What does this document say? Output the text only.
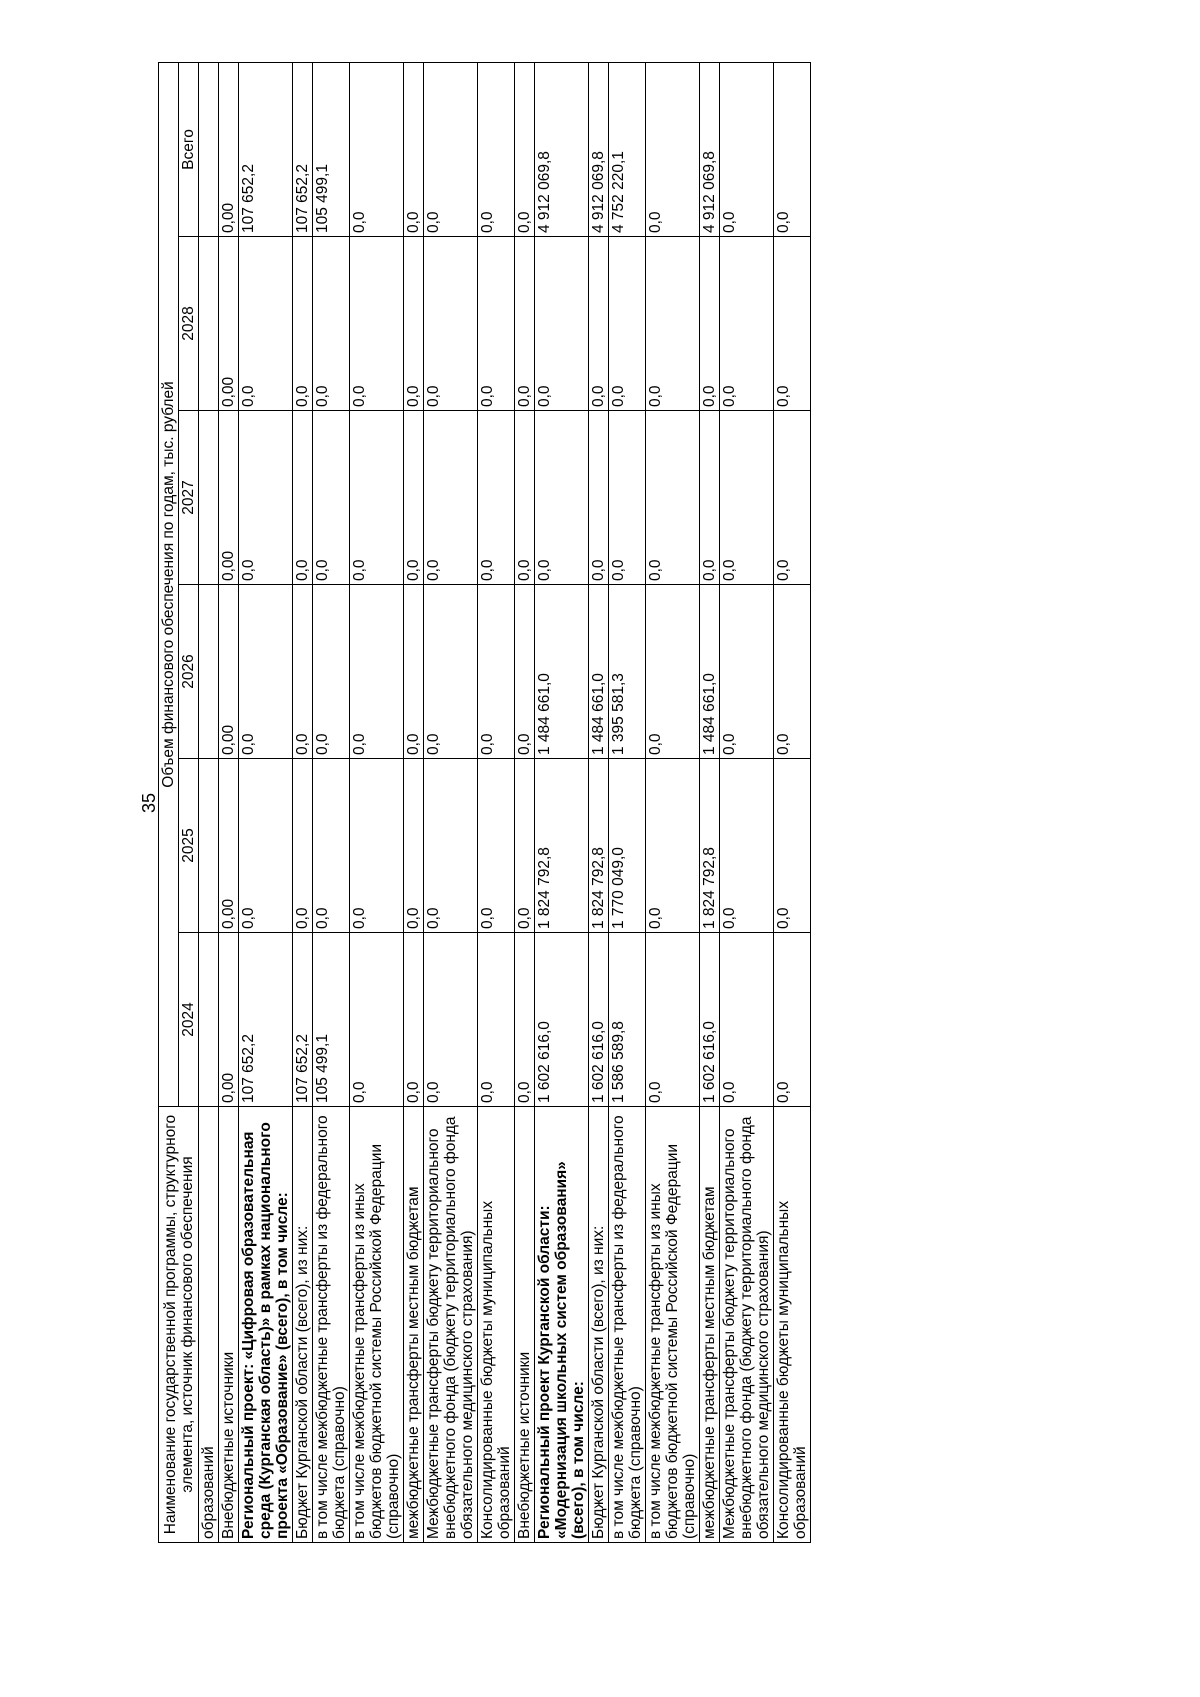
35
Наименование государственной программы, структурного элемента, источник финансового обеспечения	Объем финансового обеспечения по годам, тыс. рублей					
	2024	2025	2026	2027	2028	Всего
образований						
Внебюджетные источники	0,00	0,00	0,00	0,00	0,00	0,00
Региональный проект: «Цифровая образовательная среда (Курганская область)» в рамках национального проекта «Образование» (всего), в том числе:	107 652,2	0,0	0,0	0,0	0,0	107 652,2
Бюджет Курганской области (всего), из них:	107 652,2	0,0	0,0	0,0	0,0	107 652,2
в том числе межбюджетные трансферты из федерального бюджета (справочно)	105 499,1	0,0	0,0	0,0	0,0	105 499,1
в том числе межбюджетные трансферты из иных бюджетов бюджетной системы Российской Федерации (справочно)	0,0	0,0	0,0	0,0	0,0	0,0
межбюджетные трансферты местным бюджетам	0,0	0,0	0,0	0,0	0,0	0,0
Межбюджетные трансферты бюджету территориального внебюджетного фонда (бюджету территориального фонда обязательного медицинского страхования)	0,0	0,0	0,0	0,0	0,0	0,0
Консолидированные бюджеты муниципальных образований	0,0	0,0	0,0	0,0	0,0	0,0
Внебюджетные источники	0,0	0,0	0,0	0,0	0,0	0,0
Региональный проект Курганской области: «Модернизация школьных систем образования» (всего), в том числе:	1 602 616,0	1 824 792,8	1 484 661,0	0,0	0,0	4 912 069,8
Бюджет Курганской области (всего), из них:	1 602 616,0	1 824 792,8	1 484 661,0	0,0	0,0	4 912 069,8
в том числе межбюджетные трансферты из федерального бюджета (справочно)	1 586 589,8	1 770 049,0	1 395 581,3	0,0	0,0	4 752 220,1
в том числе межбюджетные трансферты из иных бюджетов бюджетной системы Российской Федерации (справочно)	0,0	0,0	0,0	0,0	0,0	0,0
межбюджетные трансферты местным бюджетам	1 602 616,0	1 824 792,8	1 484 661,0	0,0	0,0	4 912 069,8
Межбюджетные трансферты бюджету территориального внебюджетного фонда (бюджету территориального фонда обязательного медицинского страхования)	0,0	0,0	0,0	0,0	0,0	0,0
Консолидированные бюджеты муниципальных образований	0,0	0,0	0,0	0,0	0,0	0,0
